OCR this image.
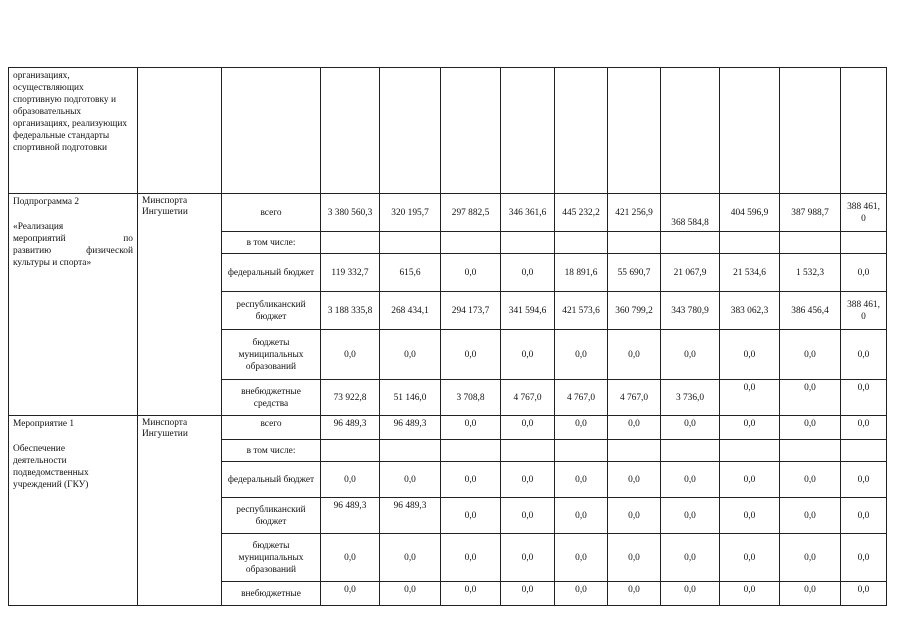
организациях, осуществляющих спортивную подготовку и образовательных организациях, реализующих федеральные стандарты спортивной подготовки												

Подпрограмма 2
«Реализация
мероприятий по
развитию физической
культуры и спорта»	Минспорта Ингушетии	всего	3 380 560,3	320 195,7	297 882,5	346 361,6	445 232,2	421 256,9	368 584,8	404 596,9	387 988,7	388 461,0
		в том числе:										
		федеральный бюджет	119 332,7	615,6	0,0	0,0	18 891,6	55 690,7	21 067,9	21 534,6	1 532,3	0,0
		республиканский бюджет	3 188 335,8	268 434,1	294 173,7	341 594,6	421 573,6	360 799,2	343 780,9	383 062,3	386 456,4	388 461,0
		бюджеты муниципальных образований	0,0	0,0	0,0	0,0	0,0	0,0	0,0	0,0	0,0	0,0
		внебюджетные средства	73 922,8	51 146,0	3 708,8	4 767,0	4 767,0	4 767,0	3 736,0	0,0	0,0	0,0

Мероприятие 1
Обеспечение
деятельности
подведомственных
учреждений (ГКУ)	Минспорта Ингушетии	всего	96 489,3	96 489,3	0,0	0,0	0,0	0,0	0,0	0,0	0,0	0,0
		в том числе:										
		федеральный бюджет	0,0	0,0	0,0	0,0	0,0	0,0	0,0	0,0	0,0	0,0
		республиканский бюджет	96 489,3	96 489,3	0,0	0,0	0,0	0,0	0,0	0,0	0,0	0,0
		бюджеты муниципальных образований	0,0	0,0	0,0	0,0	0,0	0,0	0,0	0,0	0,0	0,0
		внебюджетные	0,0	0,0	0,0	0,0	0,0	0,0	0,0	0,0	0,0	0,0
